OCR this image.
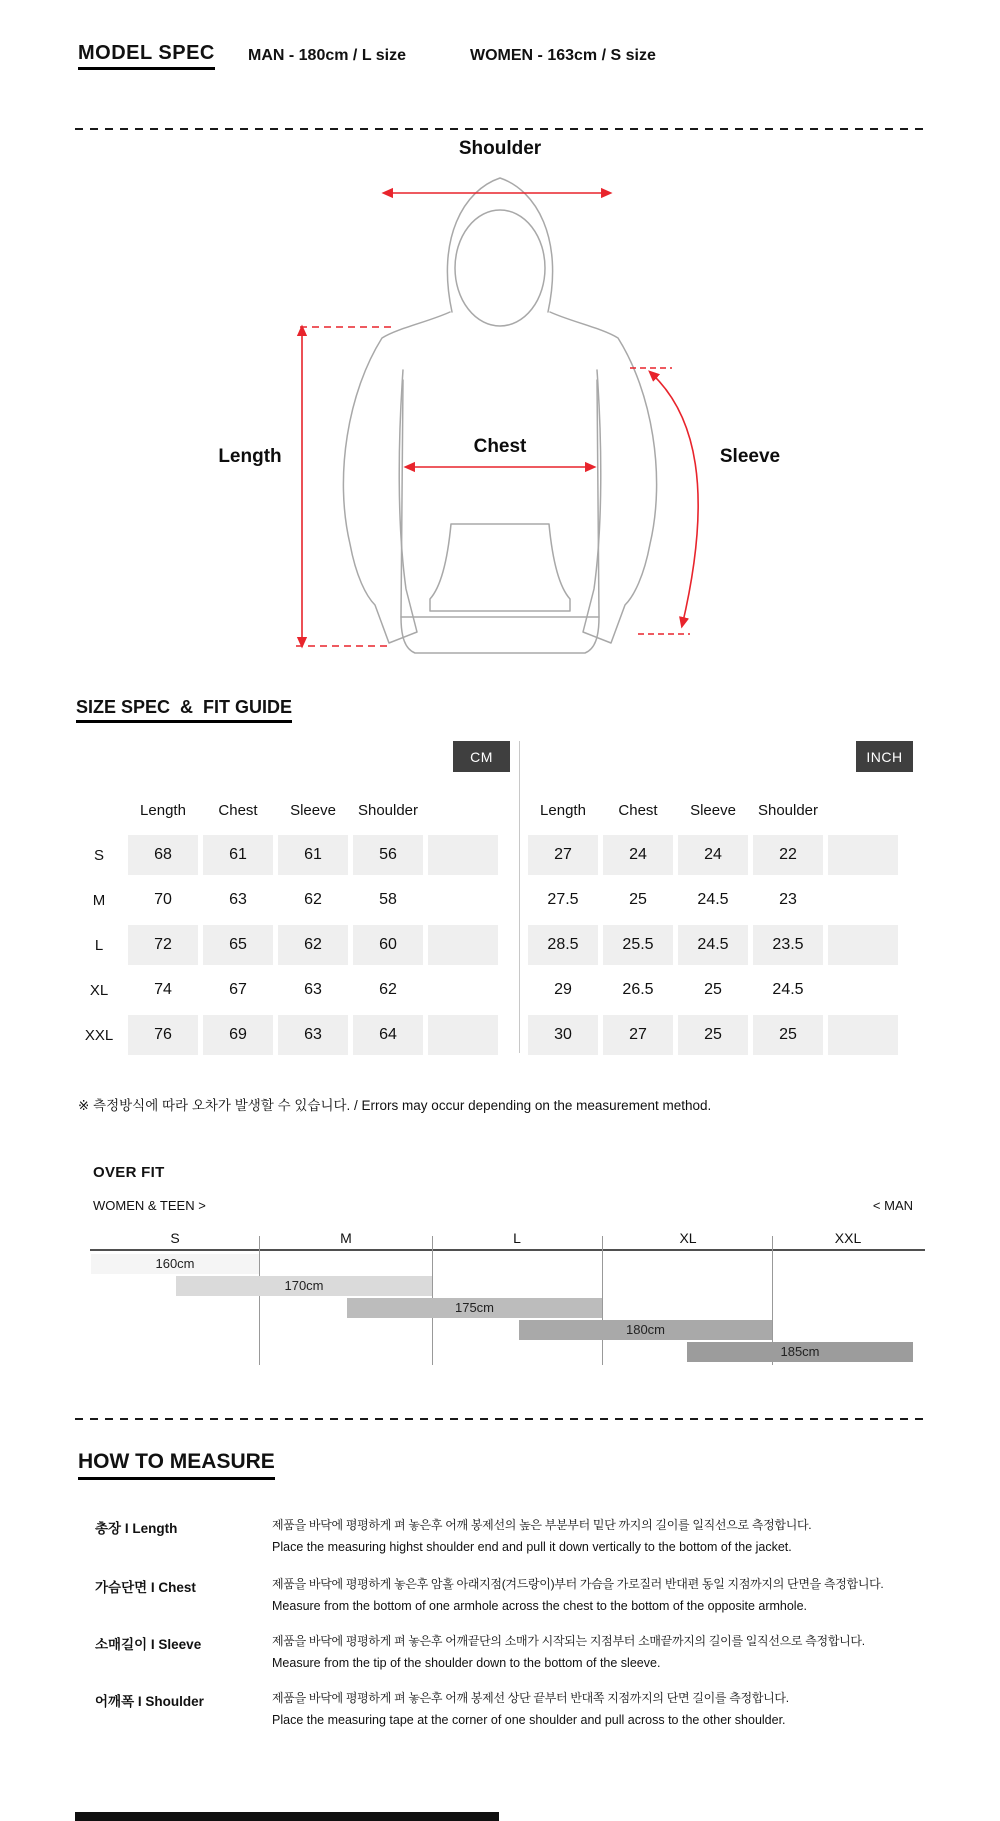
MODEL SPEC MAN - 180cm / L size	WOMEN - 163cm / S size
Shoulder
Length	Chest	Sleeve
SIZE SPEC  &  FIT GUIDE
CM	INCH
Length	Chest	Sleeve	Shoulder
S	68	61	61	56
M	70	63	62	58
L	72	65	62	60
XL	74	67	63	62
XXL	76	69	63	64
Length	Chest	Sleeve	Shoulder
27	24	24	22
27.5	25	24.5	23
28.5	25.5	24.5	23.5
29	26.5	25	24.5
30	27	25	25
※ 측정방식에 따라 오차가 발생할 수 있습니다. / Errors may occur depending on the measurement method.
OVER FIT
WOMEN & TEEN >	< MAN
S	M	L	XL	XXL
160cm
170cm
175cm
180cm
185cm
HOW TO MEASURE
총장 I Length	제품을 바닥에 평평하게 펴 놓은후 어깨 봉제선의 높은 부분부터 밑단 까지의 길이를 일직선으로 측정합니다.
Place the measuring highst shoulder end and pull it down vertically to the bottom of the jacket.
가슴단면 I Chest	제품을 바닥에 평평하게 놓은후 암홀 아래지점(겨드랑이)부터 가슴을 가로질러 반대편 동일 지점까지의 단면을 측정합니다.
Measure from the bottom of one armhole across the chest to the bottom of the opposite armhole.
소매길이 I Sleeve	제품을 바닥에 평평하게 펴 놓은후 어깨끝단의 소매가 시작되는 지점부터 소매끝까지의 길이를 일직선으로 측정합니다.
Measure from the tip of the shoulder down to the bottom of the sleeve.
어깨폭 I Shoulder	제품을 바닥에 평평하게 펴 놓은후 어깨 봉제선 상단 끝부터 반대쪽 지점까지의 단면 길이를 측정합니다.
Place the measuring tape at the corner of one shoulder and pull across to the other shoulder.
